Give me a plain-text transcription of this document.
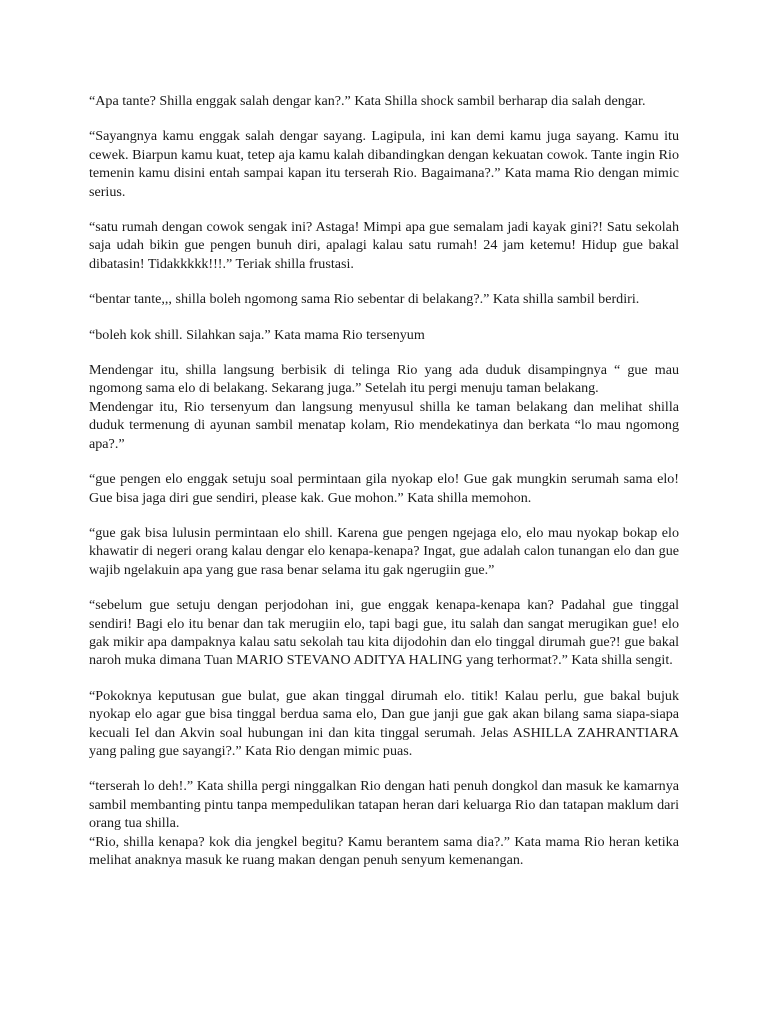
“Apa tante? Shilla enggak salah dengar kan?.” Kata Shilla shock sambil berharap dia salah dengar.

“Sayangnya kamu enggak salah dengar sayang. Lagipula, ini kan demi kamu juga sayang. Kamu itu cewek. Biarpun kamu kuat, tetep aja kamu kalah dibandingkan dengan kekuatan cowok. Tante ingin Rio temenin kamu disini entah sampai kapan itu terserah Rio. Bagaimana?.” Kata mama Rio dengan mimic serius.

“satu rumah dengan cowok sengak ini? Astaga! Mimpi apa gue semalam jadi kayak gini?! Satu sekolah saja udah bikin gue pengen bunuh diri, apalagi kalau satu rumah! 24 jam ketemu! Hidup gue bakal dibatasin! Tidakkkkk!!!.” Teriak shilla frustasi.

“bentar tante,,, shilla boleh ngomong sama Rio sebentar di belakang?.” Kata shilla sambil berdiri.

“boleh kok shill. Silahkan saja.” Kata mama Rio tersenyum

Mendengar itu, shilla langsung berbisik di telinga Rio yang ada duduk disampingnya “ gue mau ngomong sama elo di belakang. Sekarang juga.” Setelah itu pergi menuju taman belakang.

Mendengar itu, Rio tersenyum dan langsung menyusul shilla ke taman belakang dan melihat shilla duduk termenung di ayunan sambil menatap kolam, Rio mendekatinya dan berkata “lo mau ngomong apa?.”

“gue pengen elo enggak setuju soal permintaan gila nyokap elo! Gue gak mungkin serumah sama elo! Gue bisa jaga diri gue sendiri, please kak. Gue mohon.” Kata shilla memohon.

“gue gak bisa lulusin permintaan elo shill. Karena gue pengen ngejaga elo, elo mau nyokap bokap elo khawatir di negeri orang kalau dengar elo kenapa-kenapa? Ingat, gue adalah calon tunangan elo dan gue wajib ngelakuin apa yang gue rasa benar selama itu gak ngerugiin gue.”

“sebelum gue setuju dengan perjodohan ini, gue enggak kenapa-kenapa kan? Padahal gue tinggal sendiri! Bagi elo itu benar dan tak merugiin elo, tapi bagi gue, itu salah dan sangat merugikan gue! elo gak mikir apa dampaknya kalau satu sekolah tau kita dijodohin dan elo tinggal dirumah gue?! gue bakal naroh muka dimana Tuan MARIO STEVANO ADITYA HALING yang terhormat?.” Kata shilla sengit.

“Pokoknya keputusan gue bulat, gue akan tinggal dirumah elo. titik! Kalau perlu, gue bakal bujuk nyokap elo agar gue bisa tinggal berdua sama elo, Dan gue janji gue gak akan bilang sama siapa-siapa kecuali Iel dan Akvin soal hubungan ini dan kita tinggal serumah. Jelas ASHILLA ZAHRANTIARA yang paling gue sayangi?.” Kata Rio dengan mimic puas.

“terserah lo deh!.” Kata shilla pergi ninggalkan Rio dengan hati penuh dongkol dan masuk ke kamarnya sambil membanting pintu tanpa mempedulikan tatapan heran dari keluarga Rio dan tatapan maklum dari orang tua shilla.

“Rio, shilla kenapa? kok dia jengkel begitu? Kamu berantem sama dia?.” Kata mama Rio heran ketika melihat anaknya masuk ke ruang makan dengan penuh senyum kemenangan.
